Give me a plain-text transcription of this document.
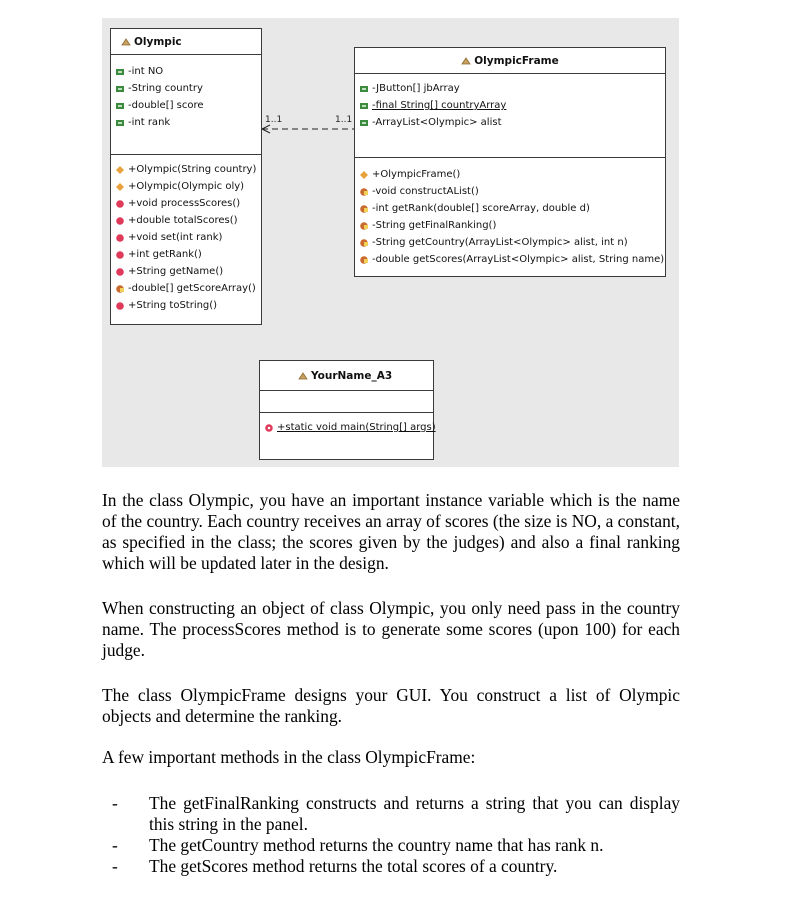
1..1	1..1
Olympic
-int NO
-String country
-double[] score
-int rank
+Olympic(String country)
+Olympic(Olympic oly)
+void processScores()
+double totalScores()
+void set(int rank)
+int getRank()
+String getName()
-double[] getScoreArray()
+String toString()
OlympicFrame
-JButton[] jbArray
-final String[] countryArray
-ArrayList<Olympic> alist
+OlympicFrame()
-void constructAList()
-int getRank(double[] scoreArray, double d)
-String getFinalRanking()
-String getCountry(ArrayList<Olympic> alist, int n)
-double getScores(ArrayList<Olympic> alist, String name)
YourName_A3
+static void main(String[] args)

In the class Olympic, you have an important instance variable which is the name of the country. Each country receives an array of scores (the size is NO, a constant, as specified in the class; the scores given by the judges) and also a final ranking which will be updated later in the design.

When constructing an object of class Olympic, you only need pass in the country name. The processScores method is to generate some scores (upon 100) for each judge.

The class OlympicFrame designs your GUI. You construct a list of Olympic objects and determine the ranking.

A few important methods in the class OlympicFrame:

- The getFinalRanking constructs and returns a string that you can display this string in the panel.
- The getCountry method returns the country name that has rank n.
- The getScores method returns the total scores of a country.
